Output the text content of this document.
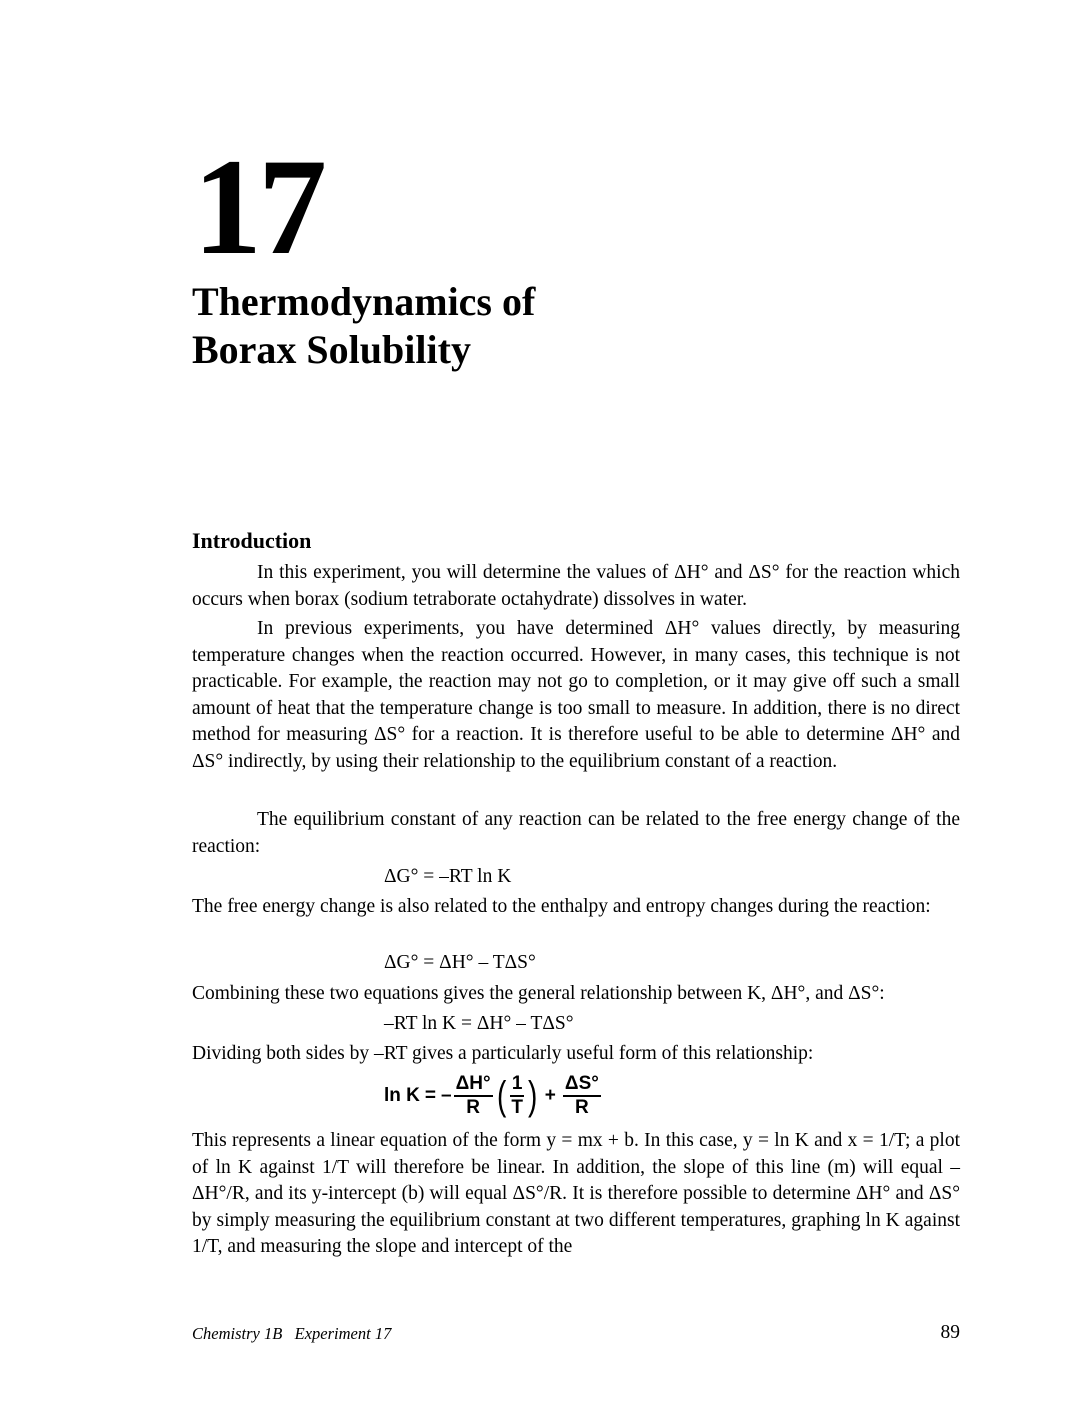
17
Thermodynamics of
Borax Solubility
Introduction

In this experiment, you will determine the values of ΔH° and ΔS° for the reaction which occurs when borax (sodium tetraborate octahydrate) dissolves in water.

In previous experiments, you have determined ΔH° values directly, by measuring temperature changes when the reaction occurred. However, in many cases, this technique is not practicable. For example, the reaction may not go to completion, or it may give off such a small amount of heat that the temperature change is too small to measure. In addition, there is no direct method for measuring ΔS° for a reaction. It is therefore useful to be able to determine ΔH° and ΔS° indirectly, by using their relationship to the equilibrium constant of a reaction.

The equilibrium constant of any reaction can be related to the free energy change of the reaction:

ΔG° = –RT ln K

The free energy change is also related to the enthalpy and entropy changes during the reaction:

ΔG° = ΔH° – TΔS°

Combining these two equations gives the general relationship between K, ΔH°, and ΔS°:

–RT ln K = ΔH° – TΔS°

Dividing both sides by –RT gives a particularly useful form of this relationship:

ln K = – $\frac{\Delta H^\circ}{R}$ ( $\frac{1}{T}$ ) + $\frac{\Delta S^\circ}{R}$

This represents a linear equation of the form y = mx + b. In this case, y = ln K and x = 1/T; a plot of ln K against 1/T will therefore be linear. In addition, the slope of this line (m) will equal –ΔH°/R, and its y-intercept (b) will equal ΔS°/R. It is therefore possible to determine ΔH° and ΔS° by simply measuring the equilibrium constant at two different temperatures, graphing ln K against 1/T, and measuring the slope and intercept of the

Chemistry 1B   Experiment 17	89
